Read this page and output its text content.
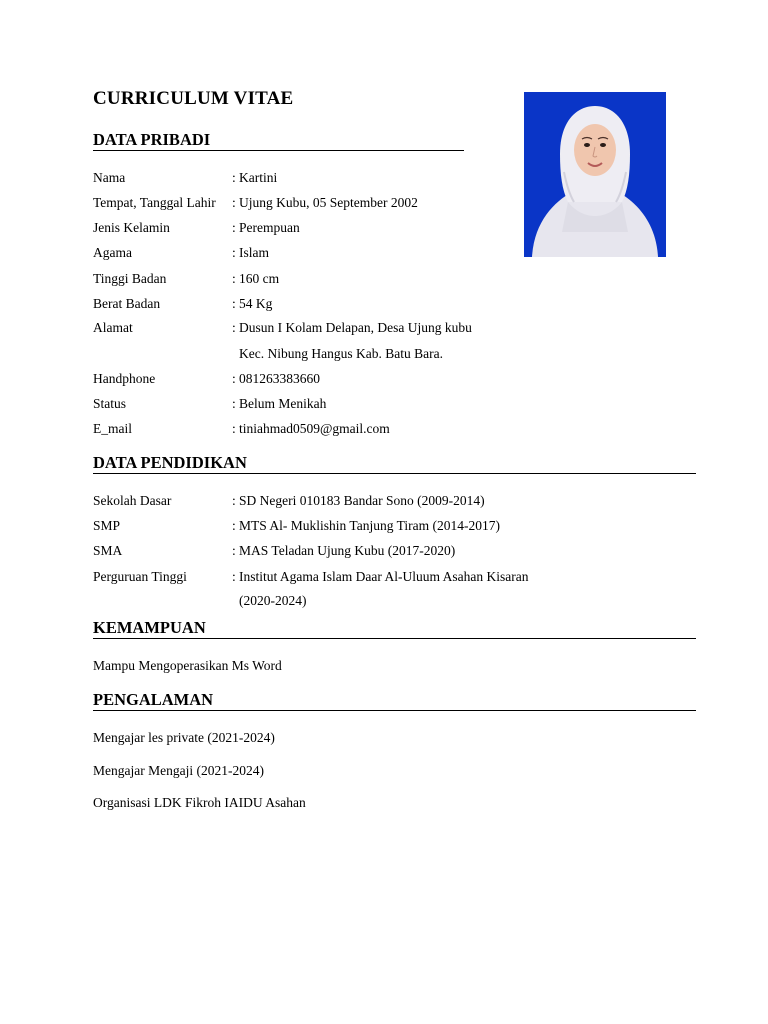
CURRICULUM VITAE
DATA PRIBADI
Nama	: Kartini
Tempat, Tanggal Lahir : Ujung Kubu, 05 September 2002
Jenis Kelamin	: Perempuan
Agama	: Islam
Tinggi Badan	: 160 cm
Berat Badan	: 54 Kg
Alamat	: Dusun I Kolam Delapan, Desa Ujung kubu
Kec. Nibung Hangus Kab. Batu Bara.
Handphone	: 081263383660
Status	: Belum Menikah
E_mail	: tiniahmad0509@gmail.com
DATA PENDIDIKAN
Sekolah Dasar	: SD Negeri 010183 Bandar Sono (2009-2014)
SMP	: MTS Al- Muklishin Tanjung Tiram (2014-2017)
SMA	: MAS Teladan Ujung Kubu (2017-2020)
Perguruan Tinggi	: Institut Agama Islam Daar Al-Uluum Asahan Kisaran
(2020-2024)
KEMAMPUAN
Mampu Mengoperasikan Ms Word
PENGALAMAN
Mengajar les private (2021-2024)
Mengajar Mengaji (2021-2024)
Organisasi LDK Fikroh IAIDU Asahan
